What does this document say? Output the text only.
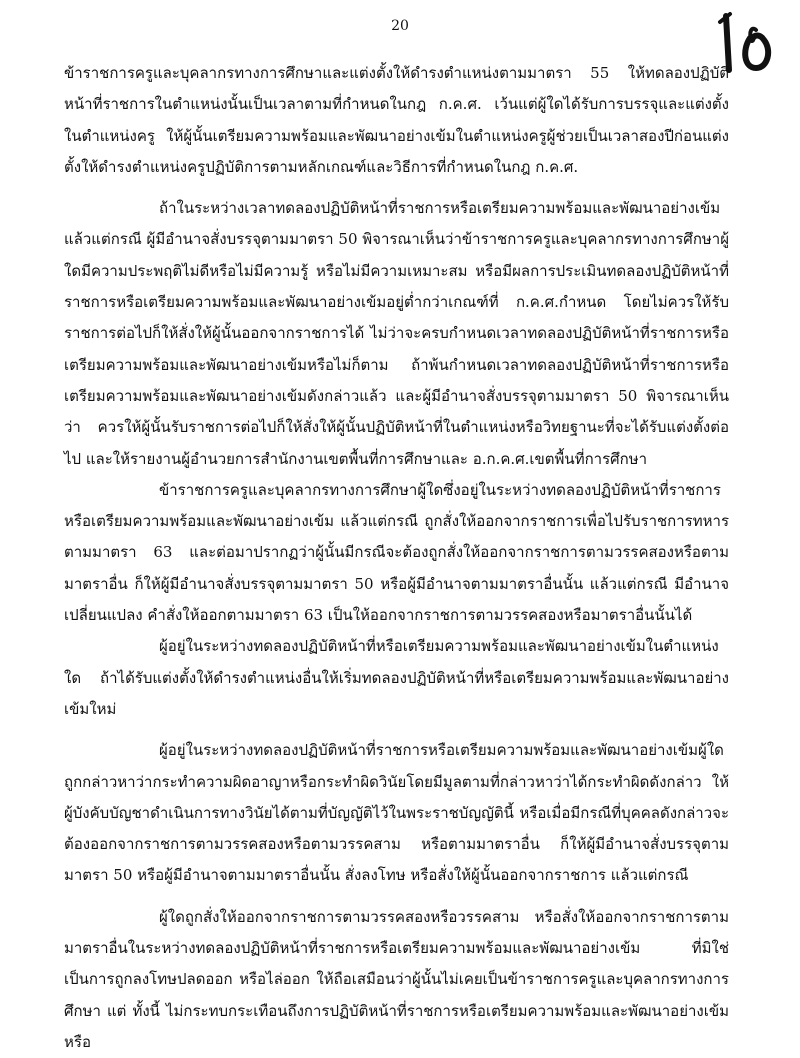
20

ข้าราชการครูและบุคลากรทางการศึกษาและแต่งตั้งให้ดำรงตำแหน่งตามมาตรา 55 ให้ทดลองปฏิบัติหน้าที่ราชการในตำแหน่งนั้นเป็นเวลาตามที่กำหนดในกฎ ก.ค.ศ. เว้นแต่ผู้ใดได้รับการบรรจุและแต่งตั้งในตำแหน่งครู ให้ผู้นั้นเตรียมความพร้อมและพัฒนาอย่างเข้มในตำแหน่งครูผู้ช่วยเป็นเวลาสองปีก่อนแต่งตั้งให้ดำรงตำแหน่งครูปฏิบัติการตามหลักเกณฑ์และวิธีการที่กำหนดในกฎ ก.ค.ศ.

ถ้าในระหว่างเวลาทดลองปฏิบัติหน้าที่ราชการหรือเตรียมความพร้อมและพัฒนาอย่างเข้ม แล้วแต่กรณี ผู้มีอำนาจสั่งบรรจุตามมาตรา 50 พิจารณาเห็นว่าข้าราชการครูและบุคลากรทางการศึกษาผู้ใดมีความประพฤติไม่ดีหรือไม่มีความรู้ หรือไม่มีความเหมาะสม หรือมีผลการประเมินทดลองปฏิบัติหน้าที่ราชการหรือเตรียมความพร้อมและพัฒนาอย่างเข้มอยู่ต่ำกว่าเกณฑ์ที่ ก.ค.ศ.กำหนด โดยไม่ควรให้รับราชการต่อไปก็ให้สั่งให้ผู้นั้นออกจากราชการได้ ไม่ว่าจะครบกำหนดเวลาทดลองปฏิบัติหน้าที่ราชการหรือเตรียมความพร้อมและพัฒนาอย่างเข้มหรือไม่ก็ตาม ถ้าพ้นกำหนดเวลาทดลองปฏิบัติหน้าที่ราชการหรือเตรียมความพร้อมและพัฒนาอย่างเข้มดังกล่าวแล้ว และผู้มีอำนาจสั่งบรรจุตามมาตรา 50 พิจารณาเห็นว่า ควรให้ผู้นั้นรับราชการต่อไปก็ให้สั่งให้ผู้นั้นปฏิบัติหน้าที่ในตำแหน่งหรือวิทยฐานะที่จะได้รับแต่งตั้งต่อไป และให้รายงานผู้อำนวยการสำนักงานเขตพื้นที่การศึกษาและ อ.ก.ค.ศ.เขตพื้นที่การศึกษา

ข้าราชการครูและบุคลากรทางการศึกษาผู้ใดซึ่งอยู่ในระหว่างทดลองปฏิบัติหน้าที่ราชการหรือเตรียมความพร้อมและพัฒนาอย่างเข้ม แล้วแต่กรณี ถูกสั่งให้ออกจากราชการเพื่อไปรับราชการทหารตามมาตรา 63 และต่อมาปรากฏว่าผู้นั้นมีกรณีจะต้องถูกสั่งให้ออกจากราชการตามวรรคสองหรือตามมาตราอื่น ก็ให้ผู้มีอำนาจสั่งบรรจุตามมาตรา 50 หรือผู้มีอำนาจตามมาตราอื่นนั้น แล้วแต่กรณี มีอำนาจเปลี่ยนแปลง คำสั่งให้ออกตามมาตรา 63 เป็นให้ออกจากราชการตามวรรคสองหรือมาตราอื่นนั้นได้

ผู้อยู่ในระหว่างทดลองปฏิบัติหน้าที่หรือเตรียมความพร้อมและพัฒนาอย่างเข้มในตำแหน่งใด ถ้าได้รับแต่งตั้งให้ดำรงตำแหน่งอื่นให้เริ่มทดลองปฏิบัติหน้าที่หรือเตรียมความพร้อมและพัฒนาอย่างเข้มใหม่

ผู้อยู่ในระหว่างทดลองปฏิบัติหน้าที่ราชการหรือเตรียมความพร้อมและพัฒนาอย่างเข้มผู้ใดถูกกล่าวหาว่ากระทำความผิดอาญาหรือกระทำผิดวินัยโดยมีมูลตามที่กล่าวหาว่าได้กระทำผิดดังกล่าว ให้ผู้บังคับบัญชาดำเนินการทางวินัยได้ตามที่บัญญัติไว้ในพระราชบัญญัตินี้ หรือเมื่อมีกรณีที่บุคคลดังกล่าวจะต้องออกจากราชการตามวรรคสองหรือตามวรรคสาม หรือตามมาตราอื่น ก็ให้ผู้มีอำนาจสั่งบรรจุตาม มาตรา 50 หรือผู้มีอำนาจตามมาตราอื่นนั้น สั่งลงโทษ หรือสั่งให้ผู้นั้นออกจากราชการ แล้วแต่กรณี

ผู้ใดถูกสั่งให้ออกจากราชการตามวรรคสองหรือวรรคสาม หรือสั่งให้ออกจากราชการตามมาตราอื่นในระหว่างทดลองปฏิบัติหน้าที่ราชการหรือเตรียมความพร้อมและพัฒนาอย่างเข้ม ที่มิใช่เป็นการถูกลงโทษปลดออก หรือไล่ออก ให้ถือเสมือนว่าผู้นั้นไม่เคยเป็นข้าราชการครูและบุคลากรทางการศึกษา แต่ ทั้งนี้ ไม่กระทบกระเทือนถึงการปฏิบัติหน้าที่ราชการหรือเตรียมความพร้อมและพัฒนาอย่างเข้ม หรือ
